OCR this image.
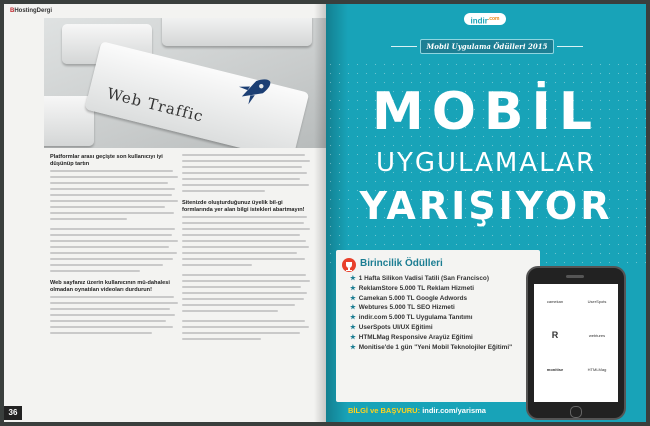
BHostingDergi
Web Traffic
Platformlar arası geçişte son kullanıcıyı iyi düşünüp tartın
Web sayfanız üzerin kullanıcının mü-dahalesi olmadan oynatılan videoları durdurun!
Sitenizde oluşturduğunuz üyelik bil-gi formlarında yer alan bilgi istekleri abartmayın!
36
indir$^{.com}$
Mobil Uygulama Ödülleri 2015
MOBİL
UYGULAMALAR
YARIŞIYOR
Birincilik Ödülleri
★ 1 Hafta Silikon Vadisi Tatili (San Francisco)
★ ReklamStore 5.000 TL Reklam Hizmeti
★ Camekan 5.000 TL Google Adwords
★ Webtures 5.000 TL SEO Hizmeti
★ indir.com 5.000 TL Uygulama Tanıtımı
★ UserSpots UI/UX Eğitimi
★ HTMLMag Responsive Arayüz Eğitimi
★ Monitise'de 1 gün "Yeni Mobil Teknolojiler Eğitimi"
camekan	UserSpots
R	webtures
monitise	HTMLMag
BİLGİ ve BAŞVURU: indir.com/yarisma
